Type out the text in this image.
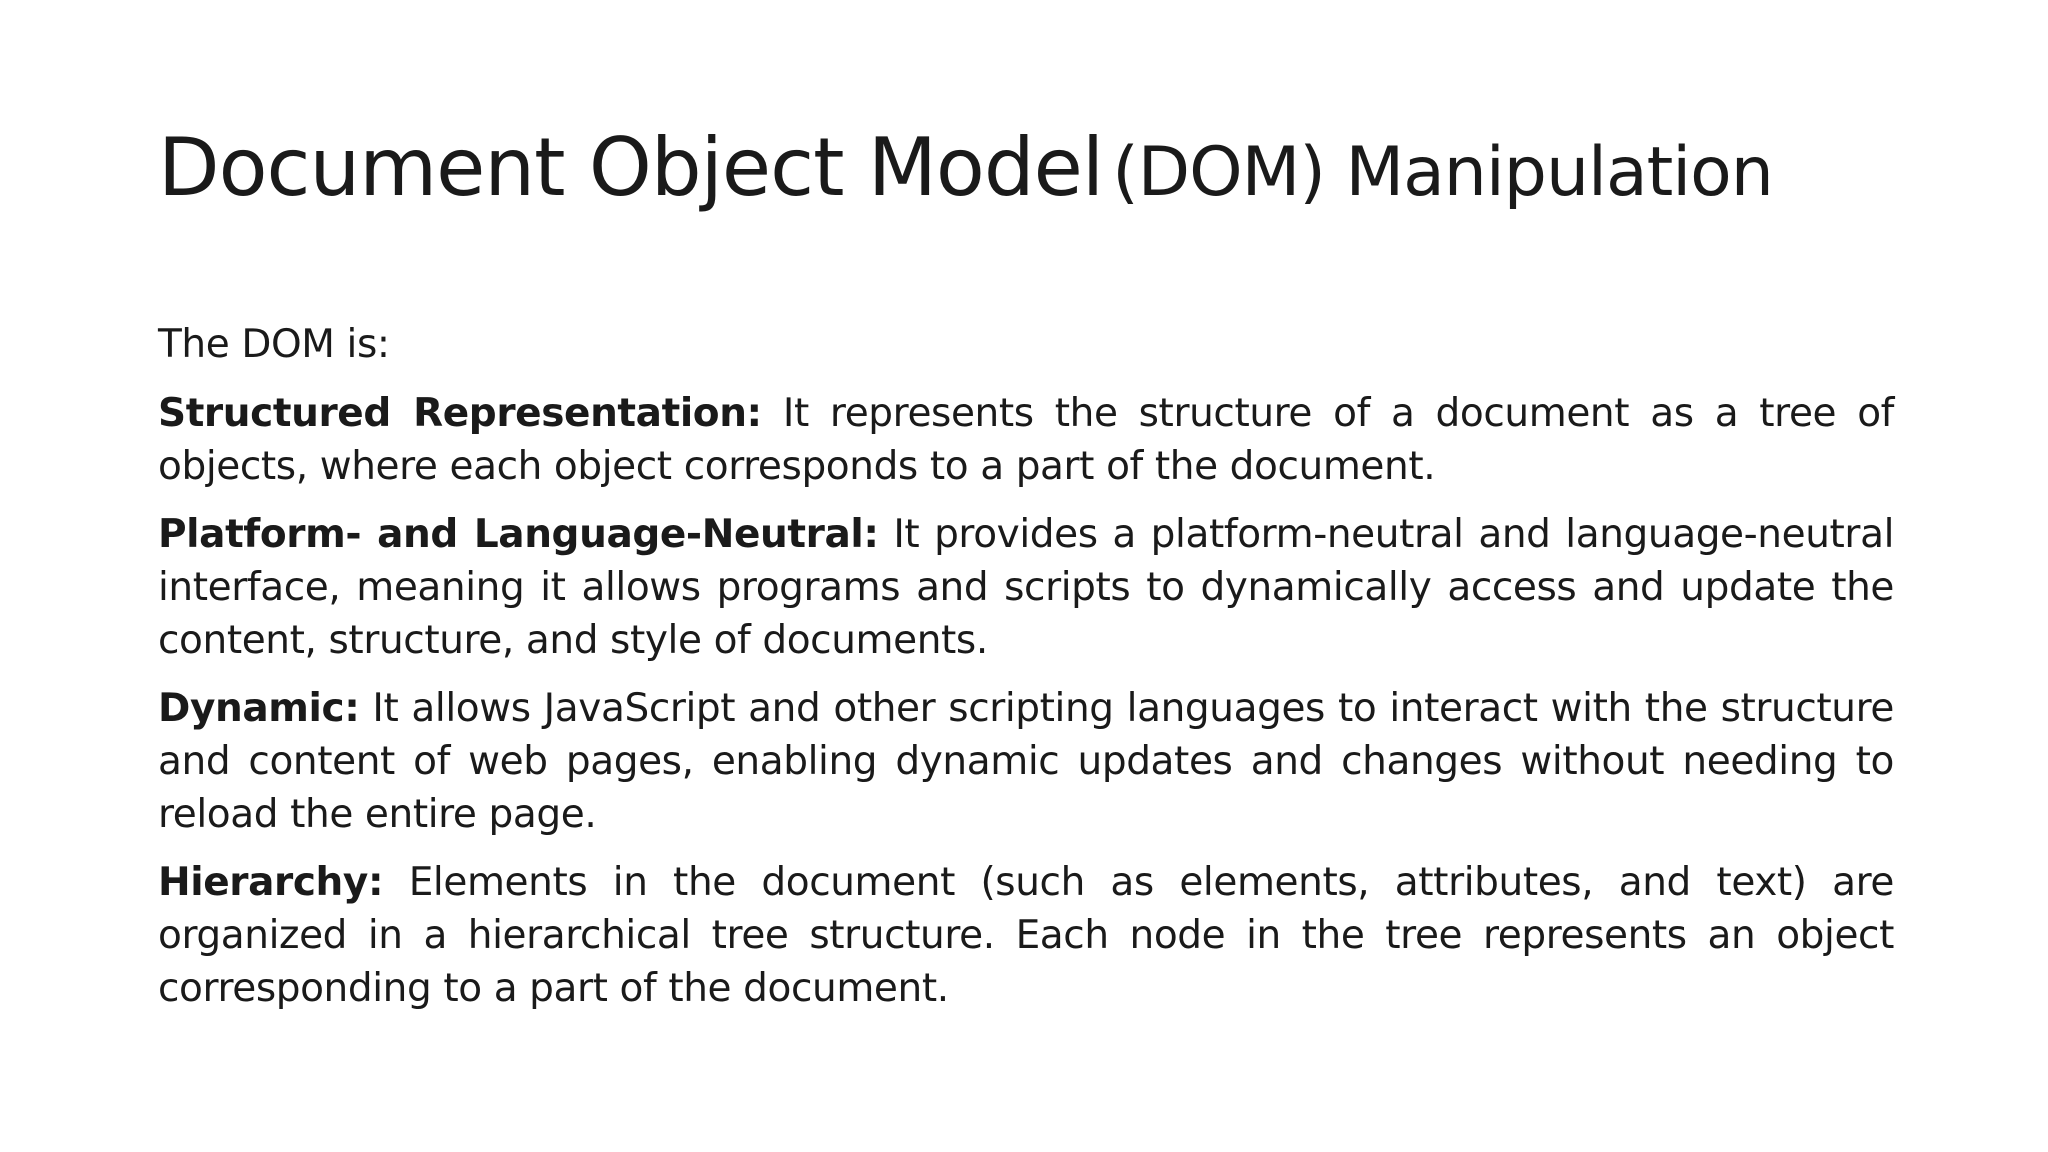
Document Object Model (DOM) Manipulation

The DOM is:

Structured Representation: It represents the structure of a document as a tree of objects, where each object corresponds to a part of the document.

Platform- and Language-Neutral: It provides a platform-neutral and language-neutral interface, meaning it allows programs and scripts to dynamically access and update the content, structure, and style of documents.

Dynamic: It allows JavaScript and other scripting languages to interact with the structure and content of web pages, enabling dynamic updates and changes without needing to reload the entire page.

Hierarchy: Elements in the document (such as elements, attributes, and text) are organized in a hierarchical tree structure. Each node in the tree represents an object corresponding to a part of the document.
